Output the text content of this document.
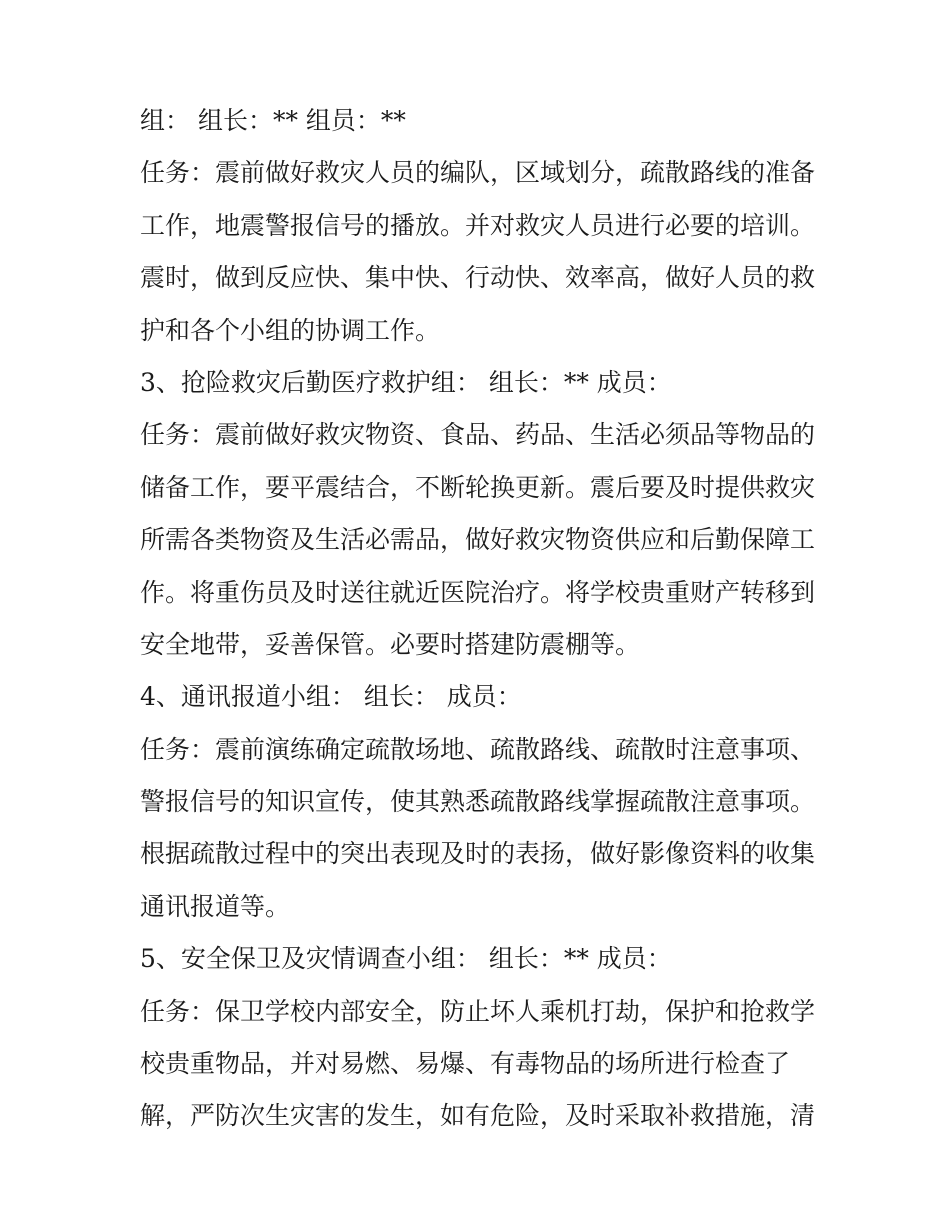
组： 组长：** 组员：**
任务：震前做好救灾人员的编队，区域划分，疏散路线的准备
工作，地震警报信号的播放。并对救灾人员进行必要的培训。
震时，做到反应快、集中快、行动快、效率高，做好人员的救
护和各个小组的协调工作。
3、抢险救灾后勤医疗救护组： 组长：** 成员：
任务：震前做好救灾物资、食品、药品、生活必须品等物品的
储备工作，要平震结合，不断轮换更新。震后要及时提供救灾
所需各类物资及生活必需品，做好救灾物资供应和后勤保障工
作。将重伤员及时送往就近医院治疗。将学校贵重财产转移到
安全地带，妥善保管。必要时搭建防震棚等。
4、通讯报道小组： 组长： 成员：
任务：震前演练确定疏散场地、疏散路线、疏散时注意事项、
警报信号的知识宣传，使其熟悉疏散路线掌握疏散注意事项。
根据疏散过程中的突出表现及时的表扬，做好影像资料的收集
通讯报道等。
5、安全保卫及灾情调查小组： 组长：** 成员：
任务：保卫学校内部安全，防止坏人乘机打劫，保护和抢救学
校贵重物品，并对易燃、易爆、有毒物品的场所进行检查了
解，严防次生灾害的发生，如有危险，及时采取补救措施，清
